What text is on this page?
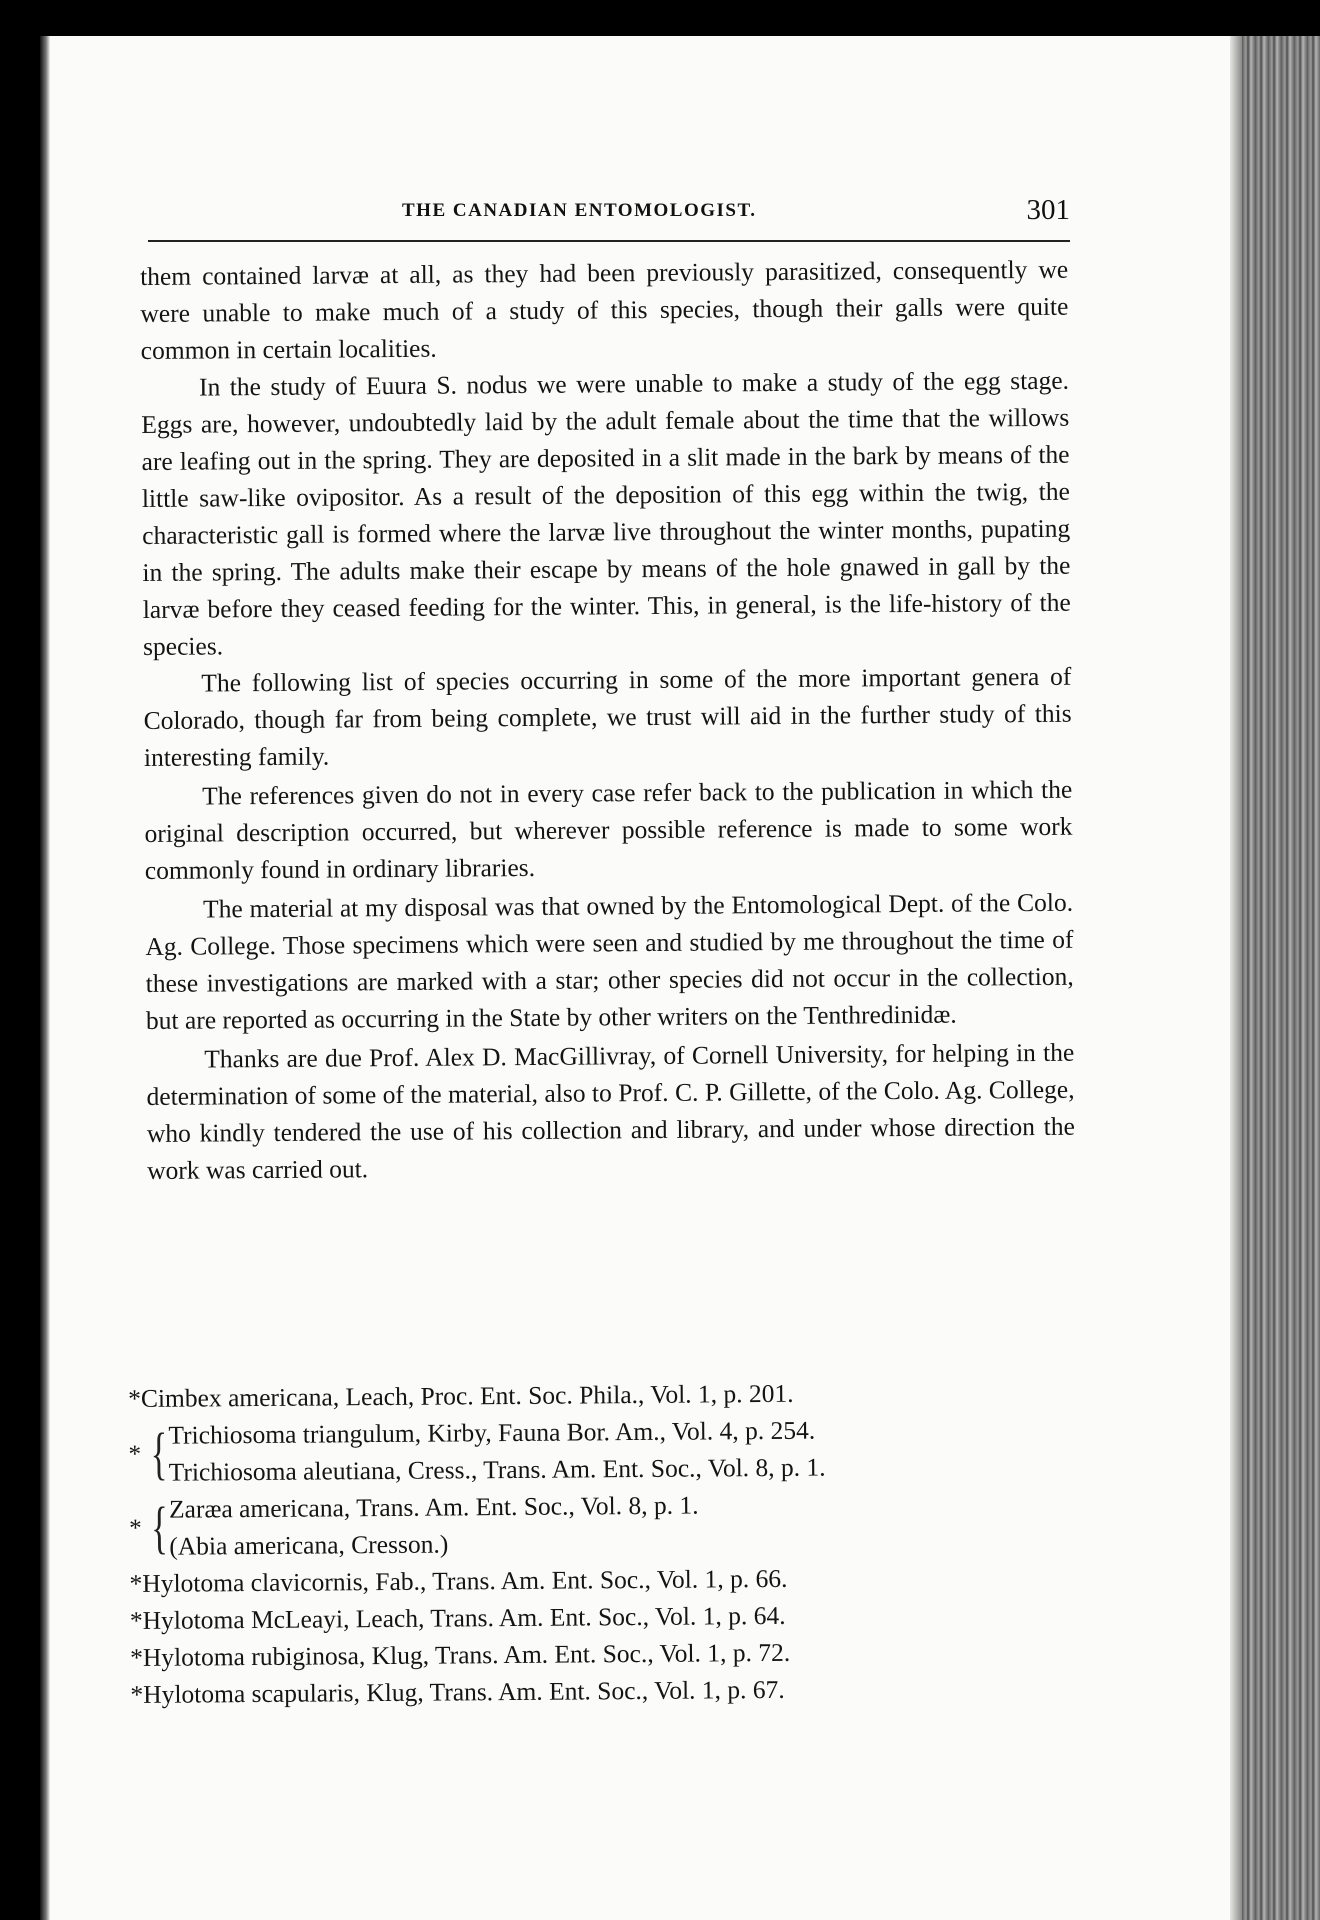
THE CANADIAN ENTOMOLOGIST.	301

them contained larvæ at all, as they had been previously parasitized, consequently we were unable to make much of a study of this species, though their galls were quite common in certain localities.

In the study of Euura S. nodus we were unable to make a study of the egg stage. Eggs are, however, undoubtedly laid by the adult female about the time that the willows are leafing out in the spring. They are deposited in a slit made in the bark by means of the little saw-like ovipositor. As a result of the deposition of this egg within the twig, the characteristic gall is formed where the larvæ live throughout the winter months, pupating in the spring. The adults make their escape by means of the hole gnawed in gall by the larvæ before they ceased feeding for the winter. This, in general, is the life-history of the species.

The following list of species occurring in some of the more important genera of Colorado, though far from being complete, we trust will aid in the further study of this interesting family.

The references given do not in every case refer back to the publication in which the original description occurred, but wherever possible reference is made to some work commonly found in ordinary libraries.

The material at my disposal was that owned by the Entomological Dept. of the Colo. Ag. College. Those specimens which were seen and studied by me throughout the time of these investigations are marked with a star; other species did not occur in the collection, but are reported as occurring in the State by other writers on the Tenthredinidæ.

Thanks are due Prof. Alex D. MacGillivray, of Cornell University, for helping in the determination of some of the material, also to Prof. C. P. Gillette, of the Colo. Ag. College, who kindly tendered the use of his collection and library, and under whose direction the work was carried out.

*Cimbex americana, Leach, Proc. Ent. Soc. Phila., Vol. 1, p. 201.
* { Trichiosoma triangulum, Kirby, Fauna Bor. Am., Vol. 4, p. 254.
Trichiosoma aleutiana, Cress., Trans. Am. Ent. Soc., Vol. 8, p. 1.
* { Zaræa americana, Trans. Am. Ent. Soc., Vol. 8, p. 1.
(Abia americana, Cresson.)
*Hylotoma clavicornis, Fab., Trans. Am. Ent. Soc., Vol. 1, p. 66.
*Hylotoma McLeayi, Leach, Trans. Am. Ent. Soc., Vol. 1, p. 64.
*Hylotoma rubiginosa, Klug, Trans. Am. Ent. Soc., Vol. 1, p. 72.
*Hylotoma scapularis, Klug, Trans. Am. Ent. Soc., Vol. 1, p. 67.
